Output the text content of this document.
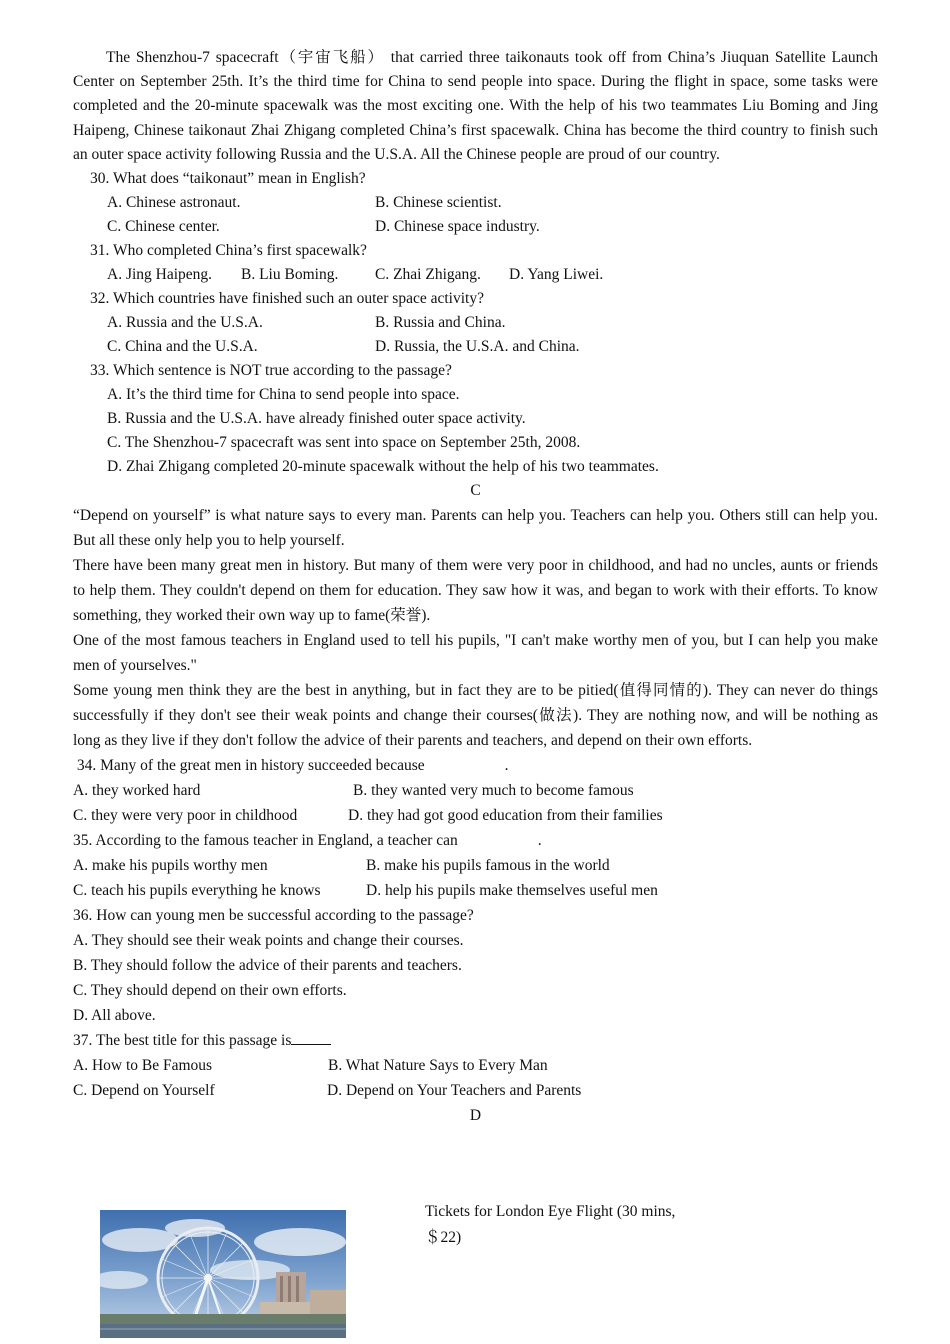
The Shenzhou-7 spacecraft（宇宙飞船） that carried three taikonauts took off from China’s Jiuquan Satellite Launch Center on September 25th. It’s the third time for China to send people into space. During the flight in space, some tasks were completed and the 20-minute spacewalk was the most exciting one. With the help of his two teammates Liu Boming and Jing Haipeng, Chinese taikonaut Zhai Zhigang completed China’s first spacewalk. China has become the third country to finish such an outer space activity following Russia and the U.S.A. All the Chinese people are proud of our country.

30. What does “taikonaut” mean in English?

A. Chinese astronaut.	B. Chinese scientist.
C. Chinese center.	D. Chinese space industry.

31. Who completed China’s first spacewalk?

A. Jing Haipeng.	B. Liu Boming.	C. Zhai Zhigang.	D. Yang Liwei.

32. Which countries have finished such an outer space activity?

A. Russia and the U.S.A.	B. Russia and China.
C. China and the U.S.A.	D. Russia, the U.S.A. and China.

33. Which sentence is NOT true according to the passage?

A. It’s the third time for China to send people into space.
B. Russia and the U.S.A. have already finished outer space activity.
C. The Shenzhou-7 spacecraft was sent into space on September 25th, 2008.
D. Zhai Zhigang completed 20-minute spacewalk without the help of his two teammates.

C

“Depend on yourself” is what nature says to every man. Parents can help you. Teachers can help you. Others still can help you. But all these only help you to help yourself.

There have been many great men in history. But many of them were very poor in childhood, and had no uncles, aunts or friends to help them. They couldn't depend on them for education. They saw how it was, and began to work with their efforts. To know something, they worked their own way up to fame(荣誉).

One of the most famous teachers in England used to tell his pupils, "I can't make worthy men of you, but I can help you make men of yourselves."

Some young men think they are the best in anything, but in fact they are to be pitied(值得同情的). They can never do things successfully if they don't see their weak points and change their courses(做法). They are nothing now, and will be nothing as long as they live if they don't follow the advice of their parents and teachers, and depend on their own efforts.

34. Many of the great men in history succeeded because	.

A. they worked hard	B. they wanted very much to become famous
C. they were very poor in childhood	D. they had got good education from their families

35. According to the famous teacher in England, a teacher can	.

A. make his pupils worthy men	B. make his pupils famous in the world
C. teach his pupils everything he knows	D. help his pupils make themselves useful men

36. How can young men be successful according to the passage?

A. They should see their weak points and change their courses.
B. They should follow the advice of their parents and teachers.
C. They should depend on their own efforts.
D. All above.

37. The best title for this passage is

A. How to Be Famous	B. What Nature Says to Every Man
C. Depend on Yourself	D. Depend on Your Teachers and Parents

D

Tickets for London Eye Flight (30 mins,
＄22)
